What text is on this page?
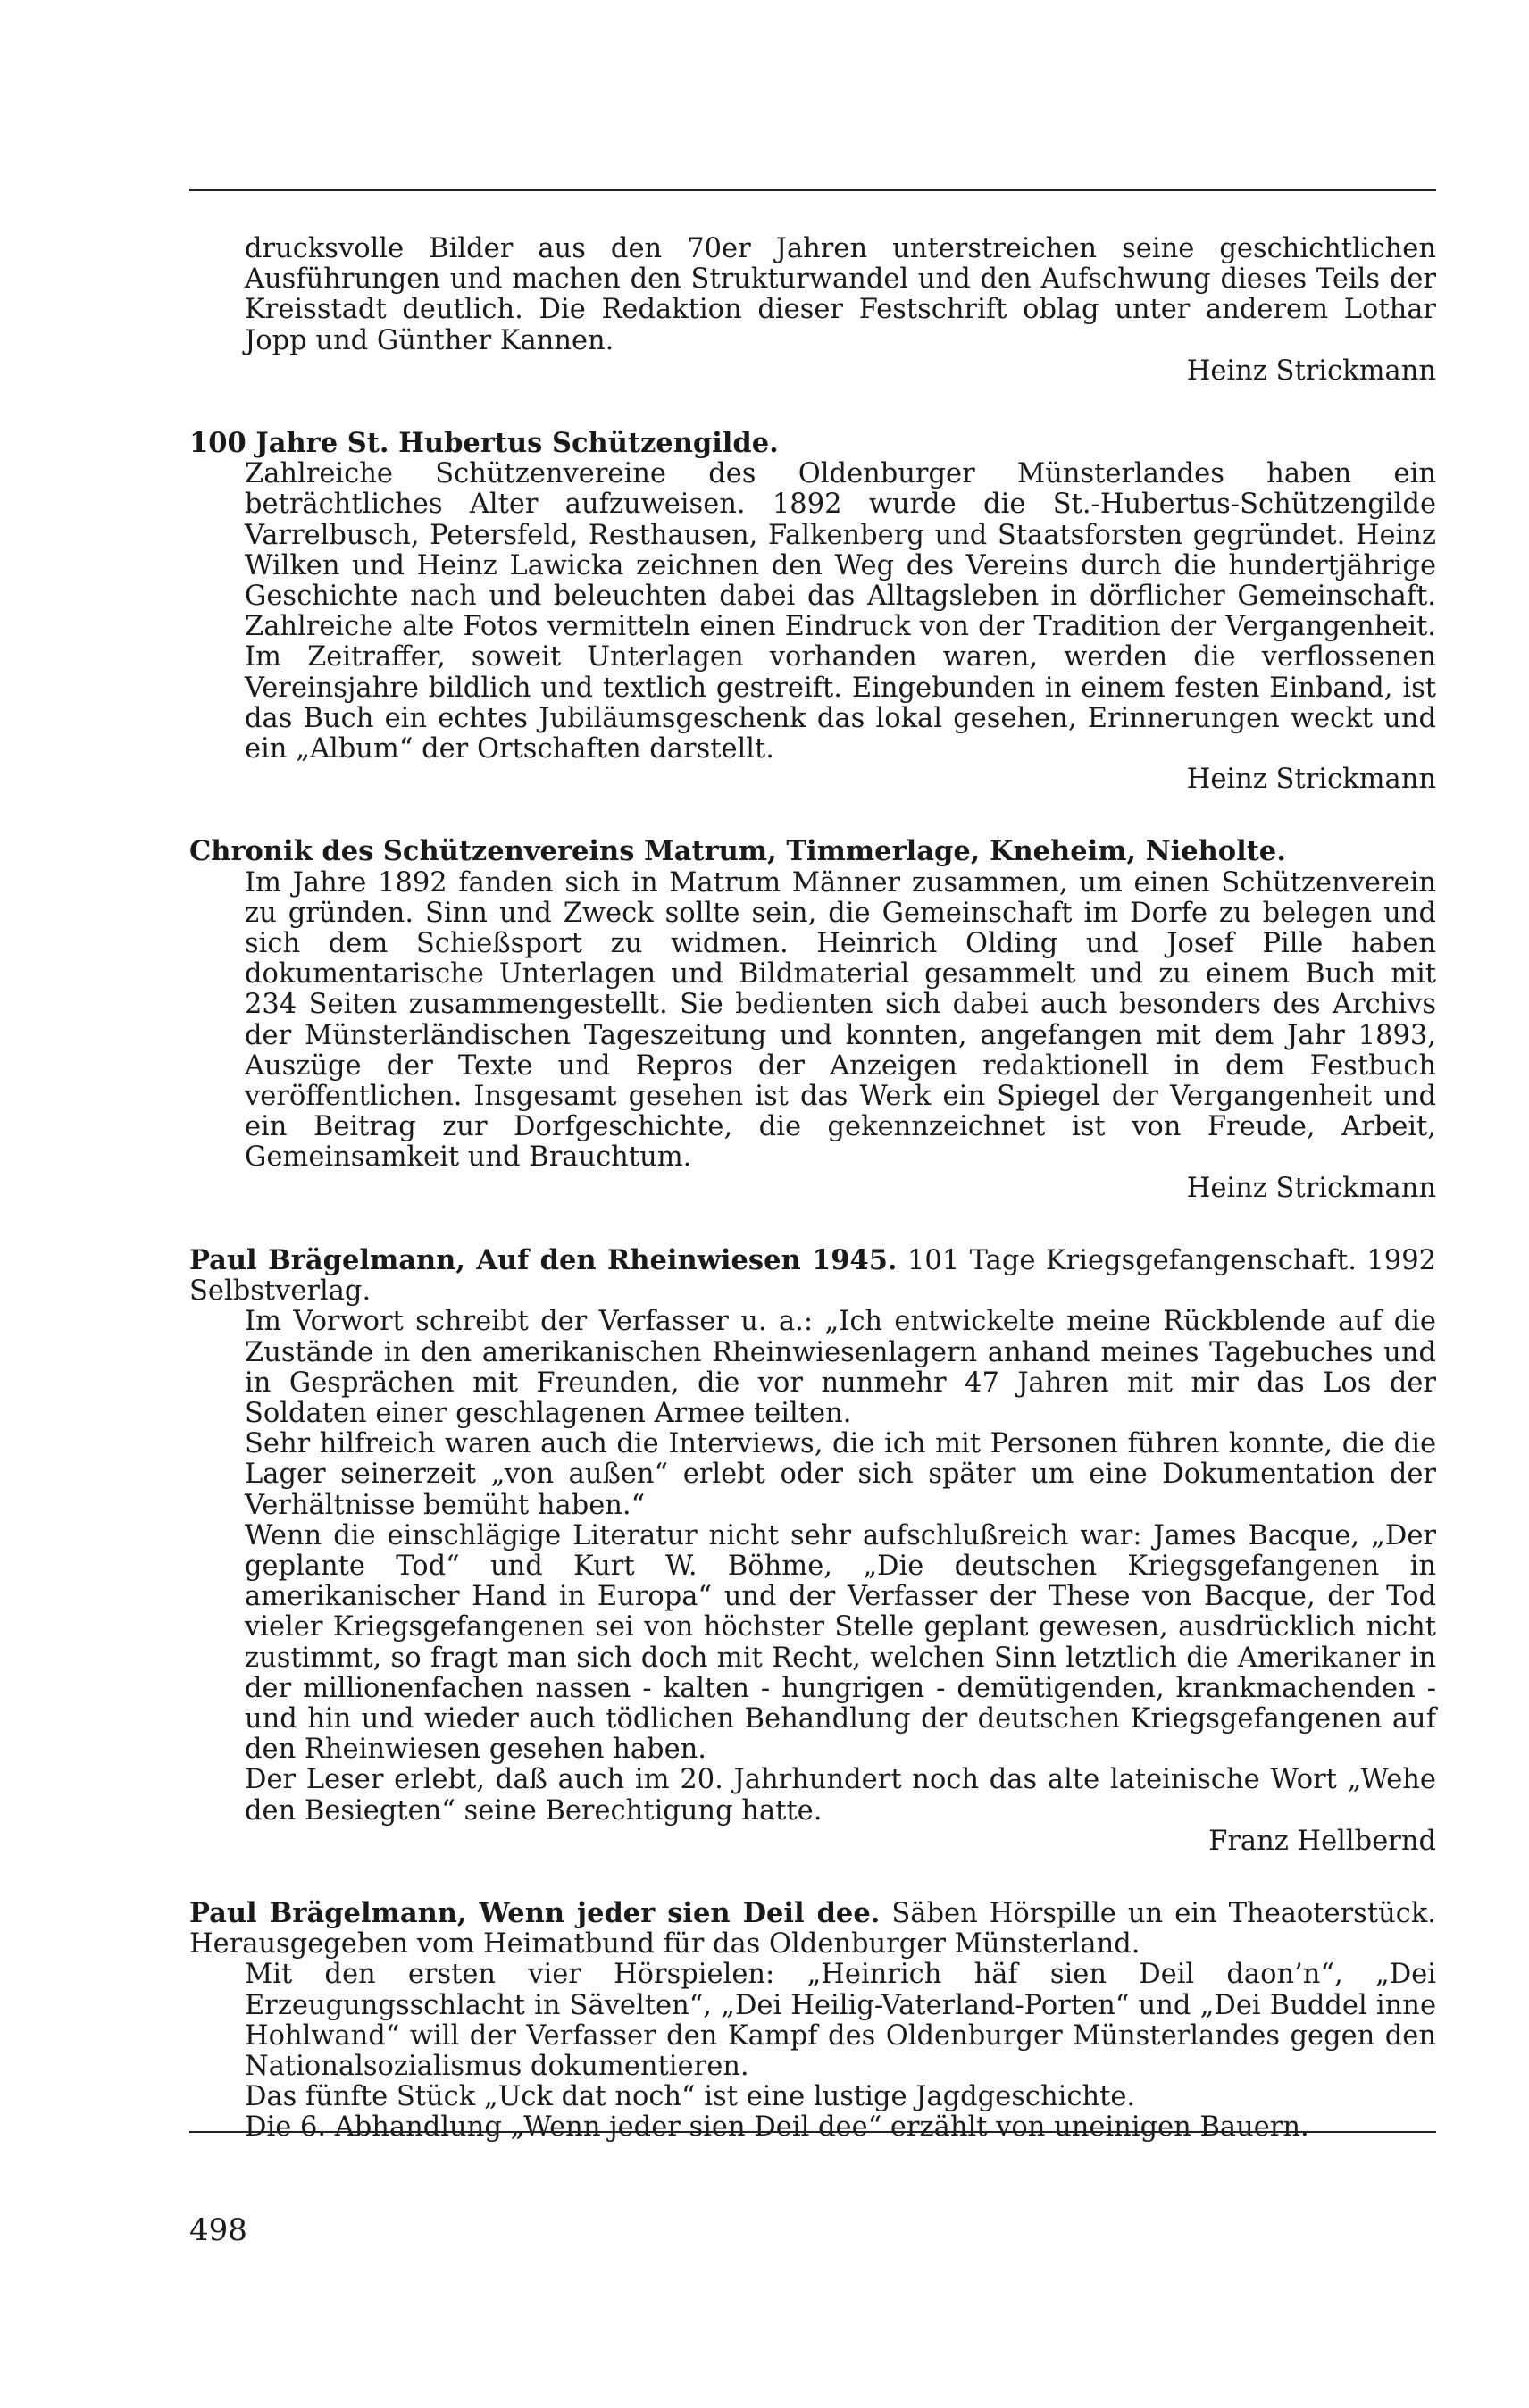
drucksvolle Bilder aus den 70er Jahren unterstreichen seine geschichtlichen Ausführungen und machen den Strukturwandel und den Aufschwung dieses Teils der Kreisstadt deutlich. Die Redaktion dieser Festschrift oblag unter anderem Lothar Jopp und Günther Kannen.

Heinz Strickmann

100 Jahre St. Hubertus Schützengilde.

Zahlreiche Schützenvereine des Oldenburger Münsterlandes haben ein beträchtliches Alter aufzuweisen. 1892 wurde die St.-Hubertus-Schützengilde Varrelbusch, Petersfeld, Resthausen, Falkenberg und Staatsforsten gegründet. Heinz Wilken und Heinz Lawicka zeichnen den Weg des Vereins durch die hundertjährige Geschichte nach und beleuchten dabei das Alltagsleben in dörflicher Gemeinschaft. Zahlreiche alte Fotos vermitteln einen Eindruck von der Tradition der Vergangenheit. Im Zeitraffer, soweit Unterlagen vorhanden waren, werden die verflossenen Vereinsjahre bildlich und textlich gestreift. Eingebunden in einem festen Einband, ist das Buch ein echtes Jubiläumsgeschenk das lokal gesehen, Erinnerungen weckt und ein „Album“ der Ortschaften darstellt.

Heinz Strickmann

Chronik des Schützenvereins Matrum, Timmerlage, Kneheim, Nieholte.

Im Jahre 1892 fanden sich in Matrum Männer zusammen, um einen Schützenverein zu gründen. Sinn und Zweck sollte sein, die Gemeinschaft im Dorfe zu belegen und sich dem Schießsport zu widmen. Heinrich Olding und Josef Pille haben dokumentarische Unterlagen und Bildmaterial gesammelt und zu einem Buch mit 234 Seiten zusammengestellt. Sie bedienten sich dabei auch besonders des Archivs der Münsterländischen Tageszeitung und konnten, angefangen mit dem Jahr 1893, Auszüge der Texte und Repros der Anzeigen redaktionell in dem Festbuch veröffentlichen. Insgesamt gesehen ist das Werk ein Spiegel der Vergangenheit und ein Beitrag zur Dorfgeschichte, die gekennzeichnet ist von Freude, Arbeit, Gemeinsamkeit und Brauchtum.

Heinz Strickmann

Paul Brägelmann, Auf den Rheinwiesen 1945. 101 Tage Kriegsgefangenschaft. 1992 Selbstverlag.

Im Vorwort schreibt der Verfasser u. a.: „Ich entwickelte meine Rückblende auf die Zustände in den amerikanischen Rheinwiesenlagern anhand meines Tagebuches und in Gesprächen mit Freunden, die vor nunmehr 47 Jahren mit mir das Los der Soldaten einer geschlagenen Armee teilten.

Sehr hilfreich waren auch die Interviews, die ich mit Personen führen konnte, die die Lager seinerzeit „von außen“ erlebt oder sich später um eine Dokumentation der Verhältnisse bemüht haben.“

Wenn die einschlägige Literatur nicht sehr aufschlußreich war: James Bacque, „Der geplante Tod“ und Kurt W. Böhme, „Die deutschen Kriegsgefangenen in amerikanischer Hand in Europa“ und der Verfasser der These von Bacque, der Tod vieler Kriegsgefangenen sei von höchster Stelle geplant gewesen, ausdrücklich nicht zustimmt, so fragt man sich doch mit Recht, welchen Sinn letztlich die Amerikaner in der millionenfachen nassen - kalten - hungrigen - demütigenden, krankmachenden - und hin und wieder auch tödlichen Behandlung der deutschen Kriegsgefangenen auf den Rheinwiesen gesehen haben.

Der Leser erlebt, daß auch im 20. Jahrhundert noch das alte lateinische Wort „Wehe den Besiegten“ seine Berechtigung hatte.

Franz Hellbernd

Paul Brägelmann, Wenn jeder sien Deil dee. Säben Hörspille un ein Theaoterstück. Herausgegeben vom Heimatbund für das Oldenburger Münsterland.

Mit den ersten vier Hörspielen: „Heinrich häf sien Deil daon’n“, „Dei Erzeugungsschlacht in Sävelten“, „Dei Heilig-Vaterland-Porten“ und „Dei Buddel inne Hohlwand“ will der Verfasser den Kampf des Oldenburger Münsterlandes gegen den Nationalsozialismus dokumentieren.

Das fünfte Stück „Uck dat noch“ ist eine lustige Jagdgeschichte.

Die 6. Abhandlung „Wenn jeder sien Deil dee“ erzählt von uneinigen Bauern.

498
